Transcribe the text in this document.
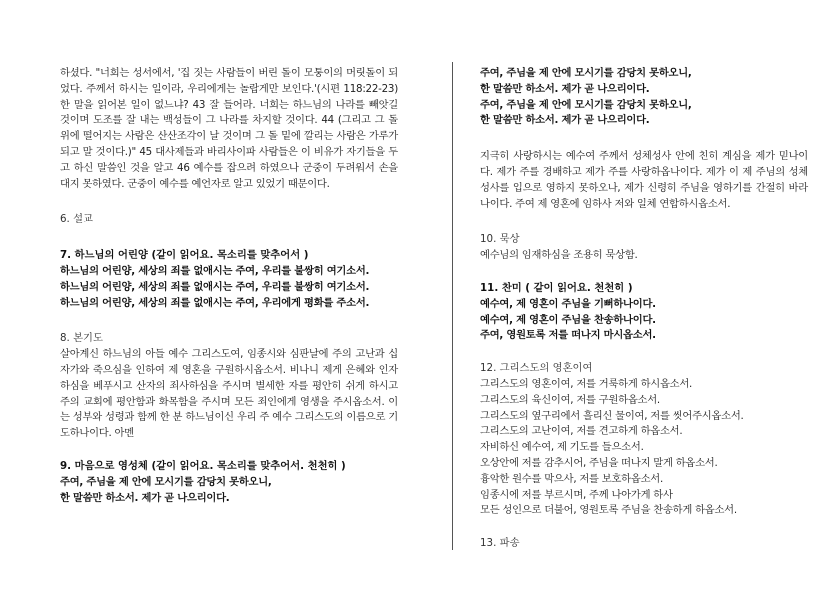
하셨다. "너희는 성서에서, '집 짓는 사람들이 버린 돌이 모퉁이의 머릿돌이 되었다. 주께서 하시는 일이라, 우리에게는 놀랍게만 보인다.'(시편 118:22-23) 한 말을 읽어본 일이 없느냐? 43 잘 들어라. 너희는 하느님의 나라를 빼앗길 것이며 도조를 잘 내는 백성들이 그 나라를 차지할 것이다. 44 (그리고 그 돌 위에 떨어지는 사람은 산산조각이 날 것이며 그 돌 밑에 깔리는 사람은 가루가 되고 말 것이다.)" 45 대사제들과 바리사이파 사람들은 이 비유가 자기들을 두고 하신 말씀인 것을 알고 46 예수를 잡으려 하였으나 군중이 두려워서 손을 대지 못하였다. 군중이 예수를 예언자로 알고 있었기 때문이다.

6. 설교

7. 하느님의 어린양 (같이 읽어요. 목소리를 맞추어서 )

하느님의 어린양, 세상의 죄를 없애시는 주여, 우리를 불쌍히 여기소서.
하느님의 어린양, 세상의 죄를 없애시는 주여, 우리를 불쌍히 여기소서.
하느님의 어린양, 세상의 죄를 없애시는 주여, 우리에게 평화를 주소서.

8. 본기도

살아계신 하느님의 아들 예수 그리스도여, 임종시와 심판날에 주의 고난과 십자가와 죽으심을 인하여 제 영혼을 구원하시옵소서. 비나니 제게 은혜와 인자하심을 베푸시고 산자의 죄사하심을 주시며 별세한 자를 평안히 쉬게 하시고 주의 교회에 평안함과 화목함을 주시며 모든 죄인에게 영생을 주시옵소서. 이는 성부와 성령과 함께 한 분 하느님이신 우리 주 예수 그리스도의 이름으로 기도하나이다. 아멘

9. 마음으로 영성체 (같이 읽어요. 목소리를 맞추어서. 천천히 )

주여, 주님을 제 안에 모시기를 감당치 못하오니,
한 말씀만 하소서. 제가 곧 나으리이다.

주여, 주님을 제 안에 모시기를 감당치 못하오니,
한 말씀만 하소서. 제가 곧 나으리이다.
주여, 주님을 제 안에 모시기를 감당치 못하오니,
한 말씀만 하소서. 제가 곧 나으리이다.

지극히 사랑하시는 예수여 주께서 성체성사 안에 친히 계심을 제가 믿나이다. 제가 주를 경배하고 제가 주를 사랑하옵나이다. 제가 이 제 주님의 성체성사를 입으로 영하지 못하오나, 제가 신령히 주님을 영하기를 간절히 바라나이다. 주여 제 영혼에 임하사 저와 일체 연합하시옵소서.

10. 묵상

예수님의 임재하심을 조용히 묵상함.

11. 찬미 ( 같이 읽어요. 천천히 )

예수여, 제 영혼이 주님을 기뻐하나이다.
예수여, 제 영혼이 주님을 찬송하나이다.
주여, 영원토록 저를 떠나지 마시옵소서.

12. 그리스도의 영혼이여

그리스도의 영혼이여, 저를 거룩하게 하시옵소서.
그리스도의 육신이여, 저를 구원하옵소서.
그리스도의 옆구리에서 흘리신 물이여, 저를 씻어주시옵소서.
그리스도의 고난이여, 저를 견고하게 하옵소서.
자비하신 예수여, 제 기도를 들으소서.
오상안에 저를 감추시어, 주님을 떠나지 말게 하옵소서.
흉악한 원수를 막으사, 저를 보호하옵소서.
임종시에 저를 부르시며, 주께 나아가게 하사
모든 성인으로 더불어, 영원토록 주님을 찬송하게 하옵소서.

13. 파송
